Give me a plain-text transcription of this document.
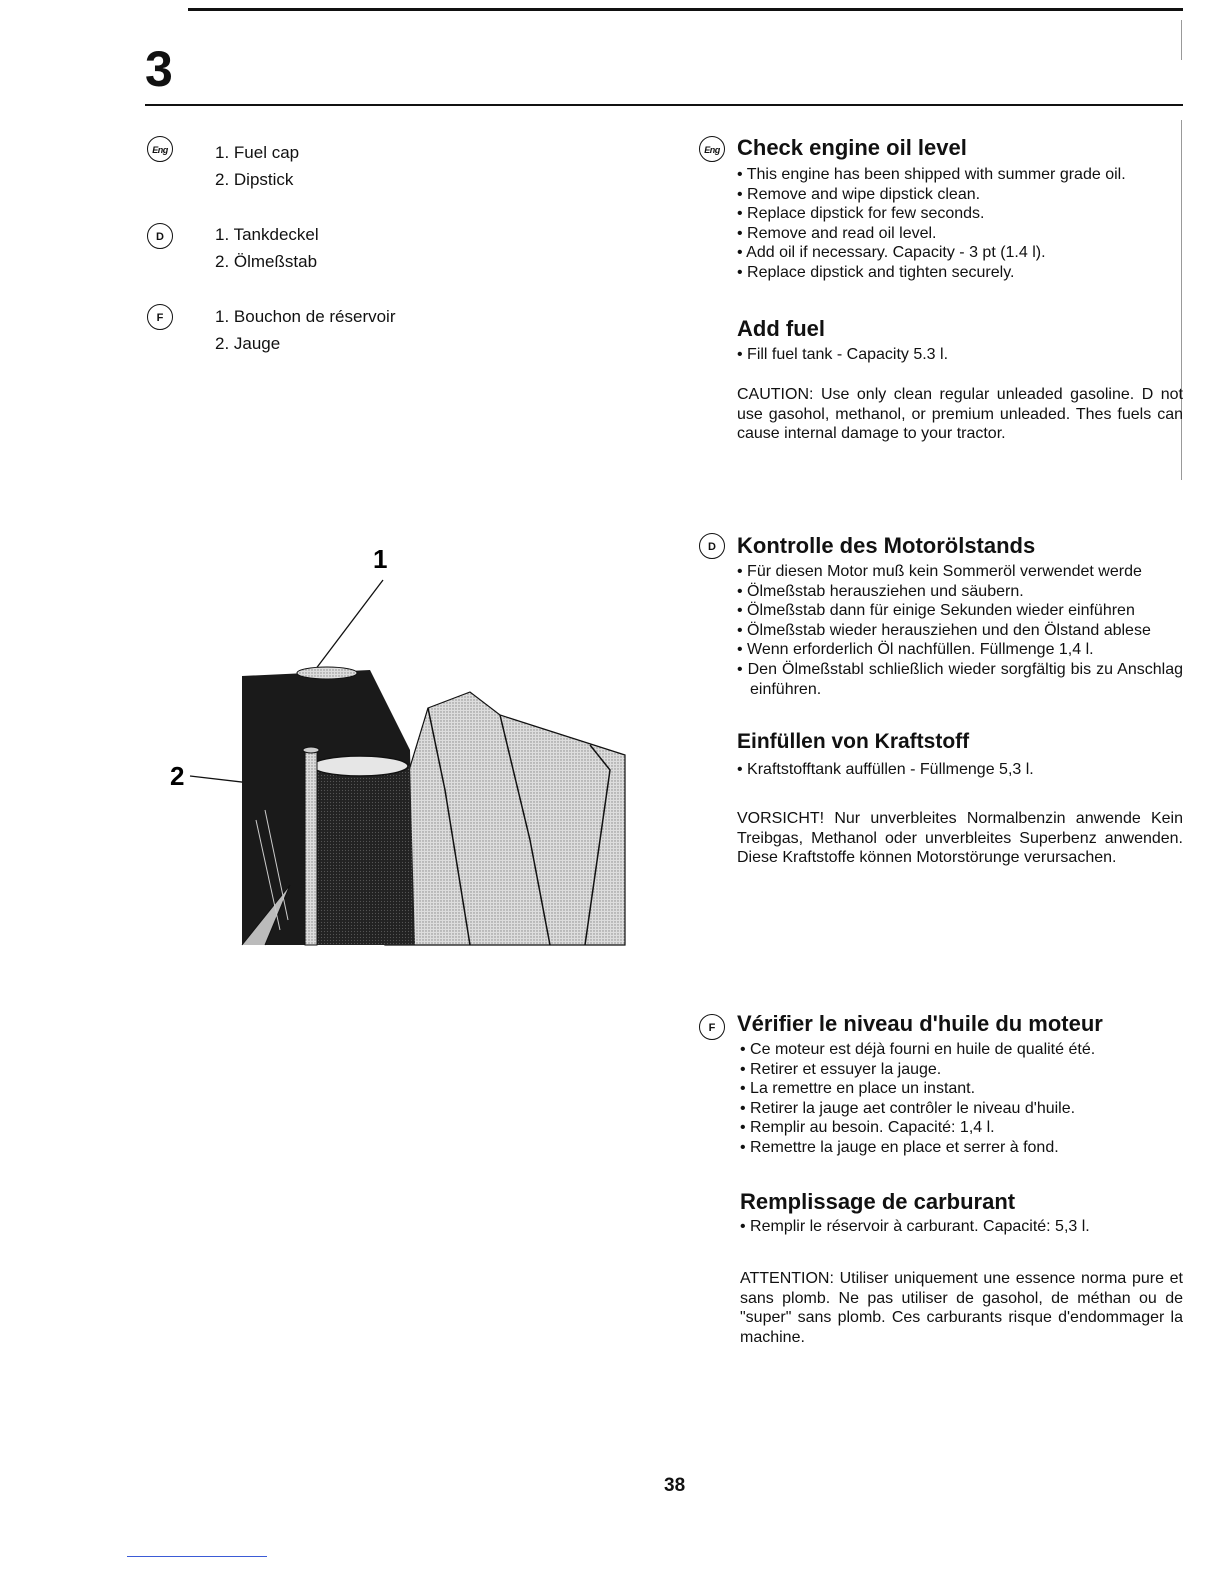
3
Eng	1. Fuel cap
2. Dipstick
D	1. Tankdeckel
2. Ölmeßstab
F	1. Bouchon de réservoir
2. Jauge
1
2
Eng Check engine oil level
• This engine has been shipped with summer grade oil.
• Remove and wipe dipstick clean.
• Replace dipstick for few seconds.
• Remove and read oil level.
• Add oil if necessary. Capacity - 3 pt (1.4 l).
• Replace dipstick and tighten securely.
Add fuel
• Fill fuel tank - Capacity 5.3 l.
CAUTION: Use only clean regular unleaded gasoline. D not use gasohol, methanol, or premium unleaded. Thes fuels can cause internal damage to your tractor.
D Kontrolle des Motorölstands
• Für diesen Motor muß kein Sommeröl verwendet werde
• Ölmeßstab herausziehen und säubern.
• Ölmeßstab dann für einige Sekunden wieder einführen
• Ölmeßstab wieder herausziehen und den Ölstand ablese
• Wenn erforderlich Öl nachfüllen. Füllmenge 1,4 l.
• Den Ölmeßstabl schließlich wieder sorgfältig bis zu Anschlag einführen.
Einfüllen von Kraftstoff
• Kraftstofftank auffüllen - Füllmenge 5,3 l.
VORSICHT! Nur unverbleites Normalbenzin anwende Kein Treibgas, Methanol oder unverbleites Superbenz anwenden. Diese Kraftstoffe können Motorstörunge verursachen.
F Vérifier le niveau d'huile du moteur
• Ce moteur est déjà fourni en huile de qualité été.
• Retirer et essuyer la jauge.
• La remettre en place un instant.
• Retirer la jauge aet contrôler le niveau d'huile.
• Remplir au besoin. Capacité: 1,4 l.
• Remettre la jauge en place et serrer à fond.
Remplissage de carburant
• Remplir le réservoir à carburant. Capacité: 5,3 l.
ATTENTION: Utiliser uniquement une essence norma pure et sans plomb. Ne pas utiliser de gasohol, de méthan ou de "super" sans plomb. Ces carburants risque d'endommager la machine.
38
